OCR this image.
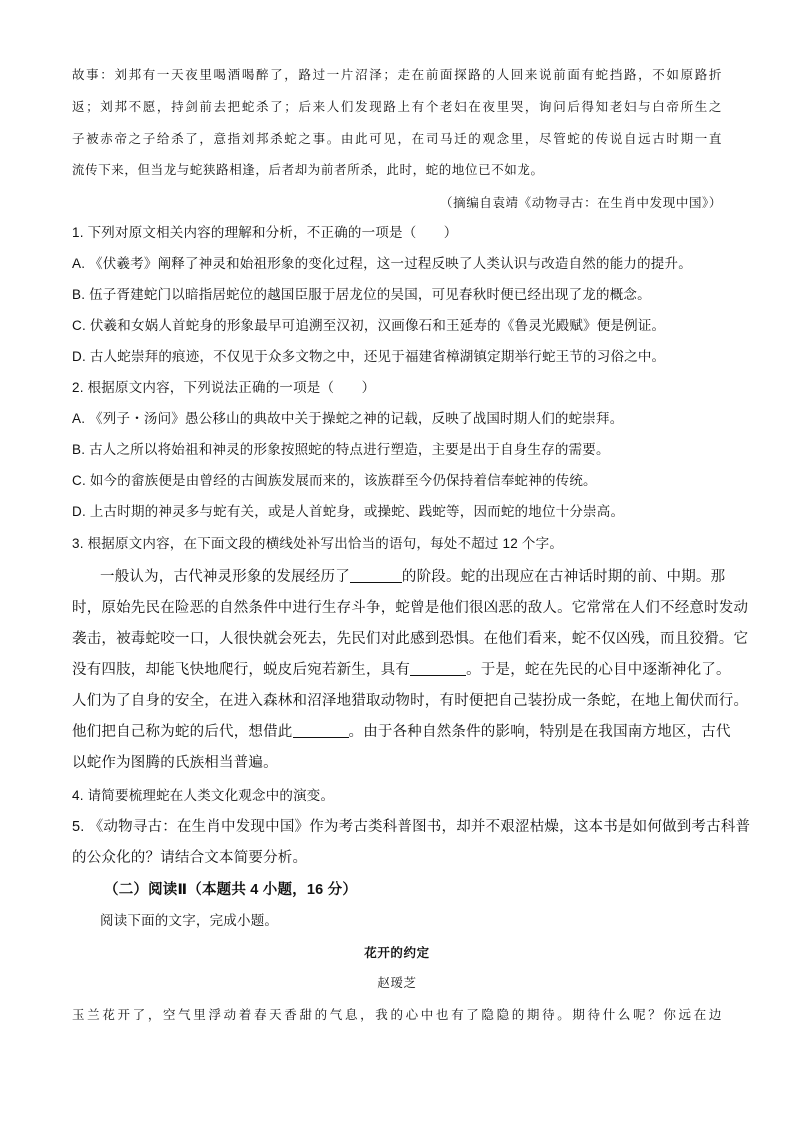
故事：刘邦有一天夜里喝酒喝醉了，路过一片沼泽；走在前面探路的人回来说前面有蛇挡路，不如原路折
返；刘邦不愿，持剑前去把蛇杀了；后来人们发现路上有个老妇在夜里哭，询问后得知老妇与白帝所生之
子被赤帝之子给杀了，意指刘邦杀蛇之事。由此可见，在司马迁的观念里，尽管蛇的传说自远古时期一直
流传下来，但当龙与蛇狭路相逢，后者却为前者所杀，此时，蛇的地位已不如龙。
（摘编自袁靖《动物寻古：在生肖中发现中国》）
1. 下列对原文相关内容的理解和分析，不正确的一项是（　　）
A. 《伏羲考》阐释了神灵和始祖形象的变化过程，这一过程反映了人类认识与改造自然的能力的提升。
B. 伍子胥建蛇门以暗指居蛇位的越国臣服于居龙位的吴国，可见春秋时便已经出现了龙的概念。
C. 伏羲和女娲人首蛇身的形象最早可追溯至汉初，汉画像石和王延寿的《鲁灵光殿赋》便是例证。
D. 古人蛇崇拜的痕迹，不仅见于众多文物之中，还见于福建省樟湖镇定期举行蛇王节的习俗之中。
2. 根据原文内容，下列说法正确的一项是（　　）
A. 《列子・汤问》愚公移山的典故中关于操蛇之神的记载，反映了战国时期人们的蛇崇拜。
B. 古人之所以将始祖和神灵的形象按照蛇的特点进行塑造，主要是出于自身生存的需要。
C. 如今的畲族便是由曾经的古闽族发展而来的，该族群至今仍保持着信奉蛇神的传统。
D. 上古时期的神灵多与蛇有关，或是人首蛇身，或操蛇、践蛇等，因而蛇的地位十分崇高。
3. 根据原文内容，在下面文段的横线处补写出恰当的语句，每处不超过 12 个字。
一般认为，古代神灵形象的发展经历了	的阶段。蛇的出现应在古神话时期的前、中期。那
时，原始先民在险恶的自然条件中进行生存斗争，蛇曾是他们很凶恶的敌人。它常常在人们不经意时发动
袭击，被毒蛇咬一口，人很快就会死去，先民们对此感到恐惧。在他们看来，蛇不仅凶残，而且狡猾。它
没有四肢，却能飞快地爬行，蜕皮后宛若新生，具有	。于是，蛇在先民的心目中逐渐神化了。
人们为了自身的安全，在进入森林和沼泽地猎取动物时，有时便把自己装扮成一条蛇，在地上匍伏而行。
他们把自己称为蛇的后代，想借此	。由于各种自然条件的影响，特别是在我国南方地区，古代
以蛇作为图腾的氏族相当普遍。
4. 请简要梳理蛇在人类文化观念中的演变。
5. 《动物寻古：在生肖中发现中国》作为考古类科普图书，却并不艰涩枯燥，这本书是如何做到考古科普
的公众化的？请结合文本简要分析。
（二）阅读Ⅱ（本题共 4 小题，16 分）
阅读下面的文字，完成小题。
花开的约定
赵瑷芝
玉兰花开了，空气里浮动着春天香甜的气息，我的心中也有了隐隐的期待。期待什么呢？你远在边
